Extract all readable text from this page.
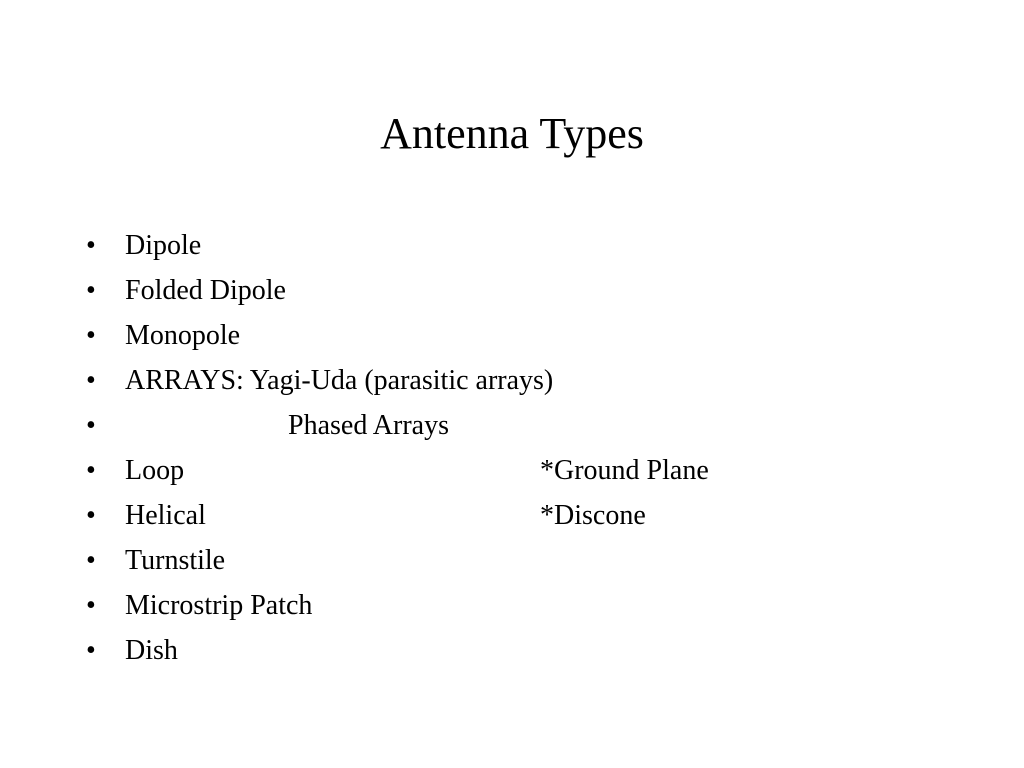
Antenna Types
• Dipole
• Folded Dipole
• Monopole
• ARRAYS: Yagi-Uda (parasitic arrays)
•	Phased Arrays
• Loop	*Ground Plane
• Helical	*Discone
• Turnstile
• Microstrip Patch
• Dish
